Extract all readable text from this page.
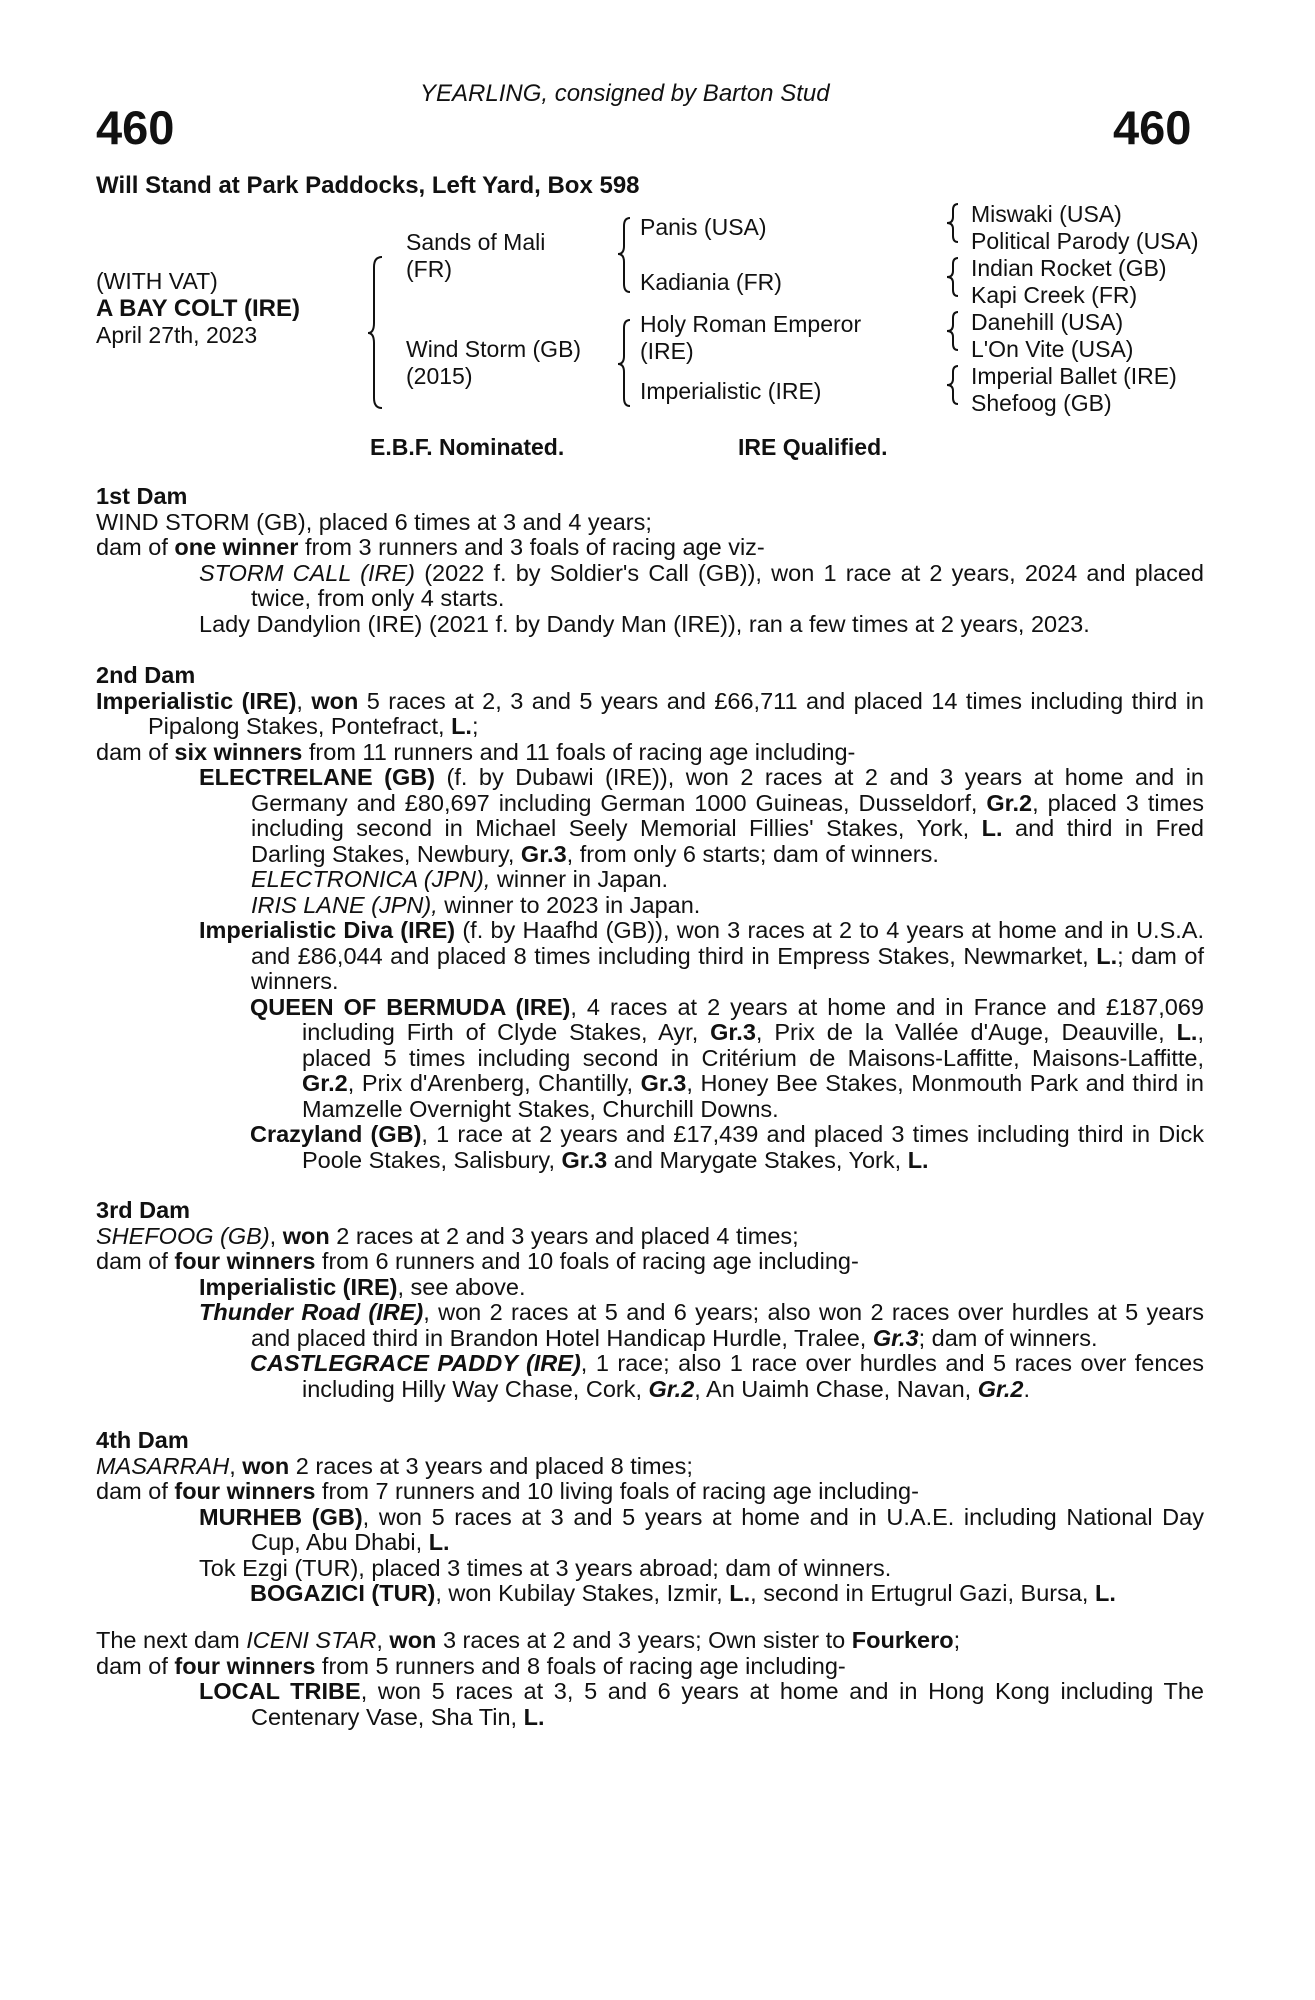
YEARLING, consigned by Barton Stud
460	460
Will Stand at Park Paddocks, Left Yard, Box 598
(WITH VAT)
A BAY COLT (IRE)
April 27th, 2023
Sands of Mali
(FR)
Wind Storm (GB)
(2015)
Panis (USA)
Kadiania (FR)
Holy Roman Emperor
(IRE)
Imperialistic (IRE)
Miswaki (USA)
Political Parody (USA)
Indian Rocket (GB)
Kapi Creek (FR)
Danehill (USA)
L'On Vite (USA)
Imperial Ballet (IRE)
Shefoog (GB)
E.B.F. Nominated.	IRE Qualified.

1st Dam

WIND STORM (GB), placed 6 times at 3 and 4 years;

dam of one winner from 3 runners and 3 foals of racing age viz-

STORM CALL (IRE) (2022 f. by Soldier's Call (GB)), won 1 race at 2 years, 2024 and placed twice, from only 4 starts.

Lady Dandylion (IRE) (2021 f. by Dandy Man (IRE)), ran a few times at 2 years, 2023.

2nd Dam

Imperialistic (IRE), won 5 races at 2, 3 and 5 years and £66,711 and placed 14 times including third in Pipalong Stakes, Pontefract, L.;

dam of six winners from 11 runners and 11 foals of racing age including-

ELECTRELANE (GB) (f. by Dubawi (IRE)), won 2 races at 2 and 3 years at home and in Germany and £80,697 including German 1000 Guineas, Dusseldorf, Gr.2, placed 3 times including second in Michael Seely Memorial Fillies' Stakes, York, L. and third in Fred Darling Stakes, Newbury, Gr.3, from only 6 starts; dam of winners.

ELECTRONICA (JPN), winner in Japan.

IRIS LANE (JPN), winner to 2023 in Japan.

Imperialistic Diva (IRE) (f. by Haafhd (GB)), won 3 races at 2 to 4 years at home and in U.S.A. and £86,044 and placed 8 times including third in Empress Stakes, Newmarket, L.; dam of winners.

QUEEN OF BERMUDA (IRE), 4 races at 2 years at home and in France and £187,069 including Firth of Clyde Stakes, Ayr, Gr.3, Prix de la Vallée d'Auge, Deauville, L., placed 5 times including second in Critérium de Maisons-Laffitte, Maisons-Laffitte, Gr.2, Prix d'Arenberg, Chantilly, Gr.3, Honey Bee Stakes, Monmouth Park and third in Mamzelle Overnight Stakes, Churchill Downs.

Crazyland (GB), 1 race at 2 years and £17,439 and placed 3 times including third in Dick Poole Stakes, Salisbury, Gr.3 and Marygate Stakes, York, L.

3rd Dam

SHEFOOG (GB), won 2 races at 2 and 3 years and placed 4 times;

dam of four winners from 6 runners and 10 foals of racing age including-

Imperialistic (IRE), see above.

Thunder Road (IRE), won 2 races at 5 and 6 years; also won 2 races over hurdles at 5 years and placed third in Brandon Hotel Handicap Hurdle, Tralee, Gr.3; dam of winners.

CASTLEGRACE PADDY (IRE), 1 race; also 1 race over hurdles and 5 races over fences including Hilly Way Chase, Cork, Gr.2, An Uaimh Chase, Navan, Gr.2.

4th Dam

MASARRAH, won 2 races at 3 years and placed 8 times;

dam of four winners from 7 runners and 10 living foals of racing age including-

MURHEB (GB), won 5 races at 3 and 5 years at home and in U.A.E. including National Day Cup, Abu Dhabi, L.

Tok Ezgi (TUR), placed 3 times at 3 years abroad; dam of winners.

BOGAZICI (TUR), won Kubilay Stakes, Izmir, L., second in Ertugrul Gazi, Bursa, L.

The next dam ICENI STAR, won 3 races at 2 and 3 years; Own sister to Fourkero;

dam of four winners from 5 runners and 8 foals of racing age including-

LOCAL TRIBE, won 5 races at 3, 5 and 6 years at home and in Hong Kong including The Centenary Vase, Sha Tin, L.
